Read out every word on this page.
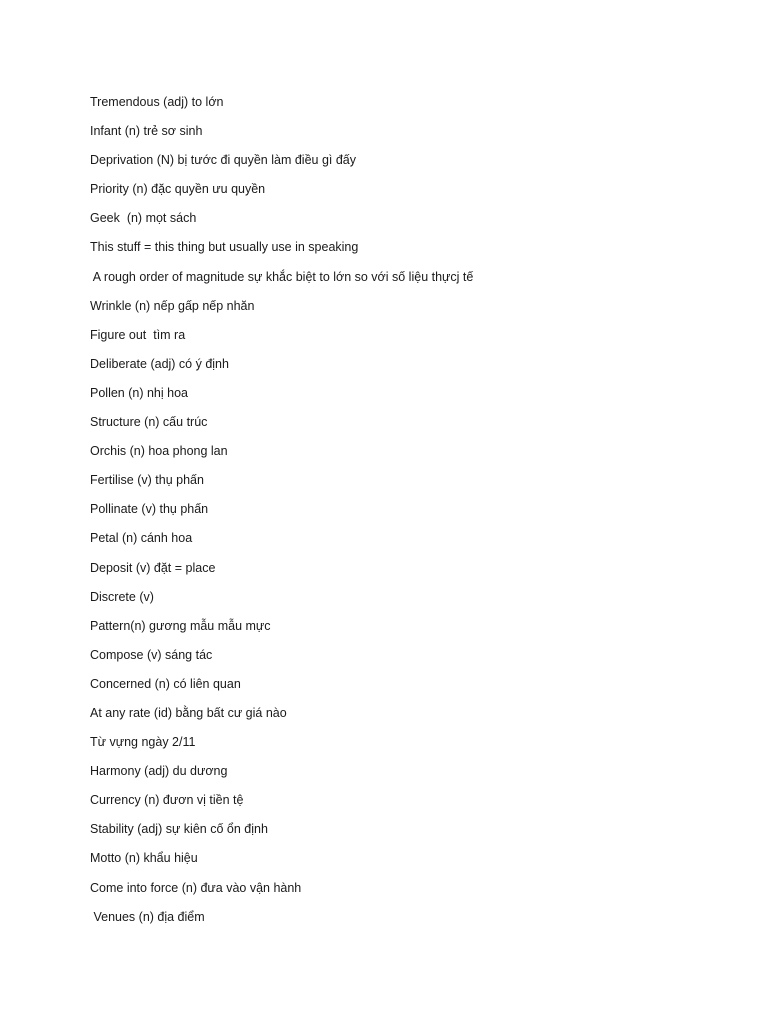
Tremendous (adj) to lớn
Infant (n) trẻ sơ sinh
Deprivation (N) bị tước đi quyền làm điều gì đấy
Priority (n) đặc quyền ưu quyền
Geek  (n) mọt sách
This stuff = this thing but usually use in speaking
A rough order of magnitude sự khắc biệt to lớn so với số liệu thựcj tế
Wrinkle (n) nếp gấp nếp nhăn
Figure out  tìm ra
Deliberate (adj) có ý định
Pollen (n) nhị hoa
Structure (n) cấu trúc
Orchis (n) hoa phong lan
Fertilise (v) thụ phấn
Pollinate (v) thụ phấn
Petal (n) cánh hoa
Deposit (v) đặt = place
Discrete (v)
Pattern(n) gương mẫu mẫu mực
Compose (v) sáng tác
Concerned (n) có liên quan
At any rate (id) bằng bất cư giá nào
Từ vựng ngày 2/11
Harmony (adj) du dương
Currency (n) đươn vị tiền tệ
Stability (adj) sự kiên cố ổn định
Motto (n) khẩu hiệu
Come into force (n) đưa vào vận hành
Venues (n) địa điểm
